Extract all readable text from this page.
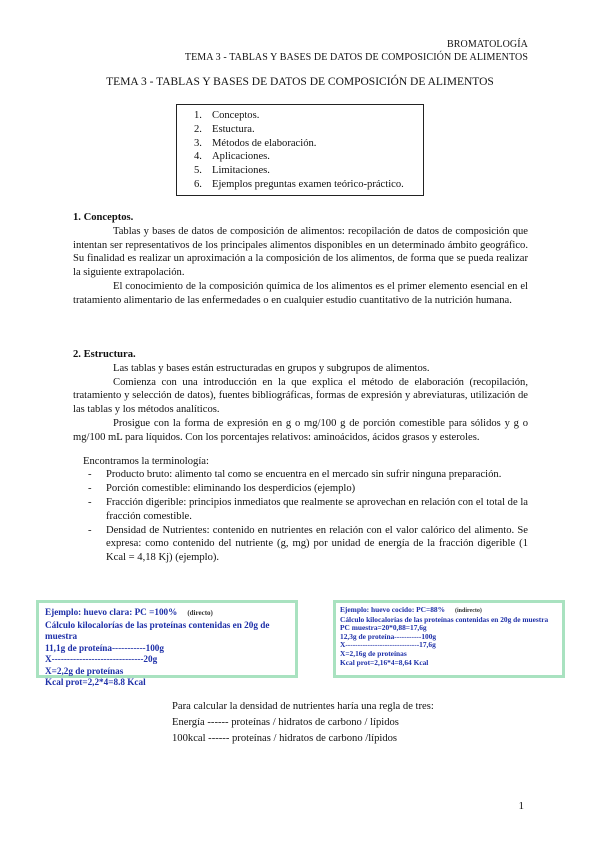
BROMATOLOGÍA
TEMA 3 - TABLAS Y BASES DE DATOS DE COMPOSICIÓN DE ALIMENTOS
TEMA 3 - TABLAS Y BASES DE DATOS DE COMPOSICIÓN DE ALIMENTOS
1. Conceptos.
2. Estuctura.
3. Métodos de elaboración.
4. Aplicaciones.
5. Limitaciones.
6. Ejemplos preguntas examen teórico-práctico.
1. Conceptos.

Tablas y bases de datos de composición de alimentos: recopilación de datos de composición que intentan ser representativos de los principales alimentos disponibles en un determinado ámbito geográfico. Su finalidad es realizar un aproximación a la composición de los alimentos, de forma que se pueda realizar la siguiente extrapolación.

El conocimiento de la composición química de los alimentos es el primer elemento esencial en el tratamiento alimentario de las enfermedades o en cualquier estudio cuantitativo de la nutrición humana.

2. Estructura.

Las tablas y bases están estructuradas en grupos y subgrupos de alimentos.

Comienza con una introducción en la que explica el método de elaboración (recopilación, tratamiento y selección de datos), fuentes bibliográficas, formas de expresión y abreviaturas, utilización de las tablas y los métodos analíticos.

Prosigue con la forma de expresión en g o mg/100 g de porción comestible para sólidos y g o mg/100 mL para líquidos. Con los porcentajes relativos: aminoácidos, ácidos grasos y esteroles.

Encontramos la terminología:

- Producto bruto: alimento tal como se encuentra en el mercado sin sufrir ninguna preparación.
- Porción comestible: eliminando los desperdicios (ejemplo)
- Fracción digerible: principios inmediatos que realmente se aprovechan en relación con el total de la fracción comestible.
- Densidad de Nutrientes: contenido en nutrientes en relación con el valor calórico del alimento. Se expresa: como contenido del nutriente (g, mg) por unidad de energía de la fracción digerible (1 Kcal = 4,18 Kj) (ejemplo).
Ejemplo: huevo clara: PC =100% (directo)
Cálculo kilocalorías de las proteínas contenidas en 20g de muestra
11,1g de proteína-----------100g
X------------------------------20g
X=2,2g de proteínas
Kcal prot=2,2*4=8.8 Kcal
Ejemplo: huevo cocido: PC=88% (indirecto)
Cálculo kilocalorías de las proteínas contenidas en 20g de muestra
PC muestra=20*0,88=17,6g
12,3g de proteína-----------100g
X------------------------------17,6g
X=2,16g de proteínas
Kcal prot=2,16*4=8,64 Kcal
Para calcular la densidad de nutrientes haría una regla de tres:
Energía ------ proteínas / hidratos de carbono / lípidos
100kcal ------ proteínas / hidratos de carbono /lípidos
1
